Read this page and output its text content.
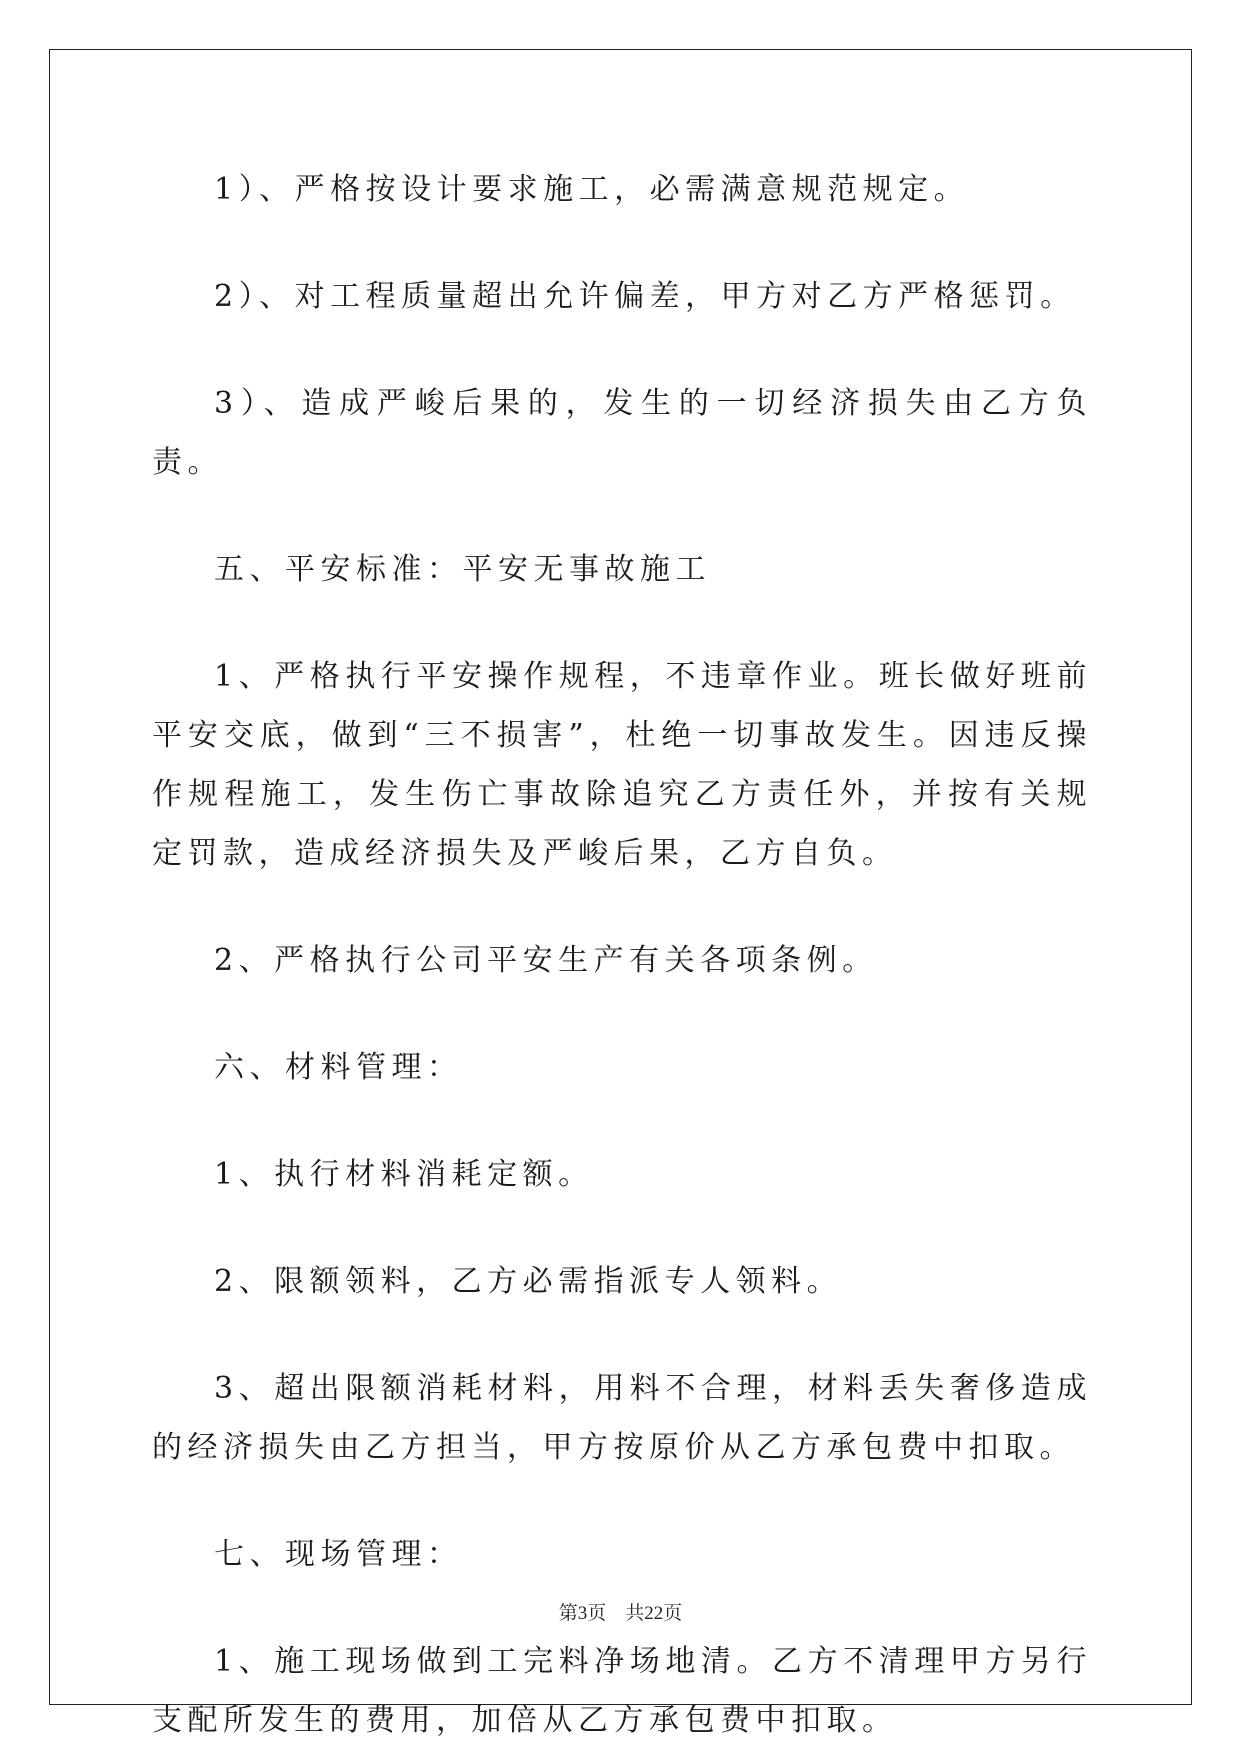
1）、严格按设计要求施工，必需满意规范规定。

2）、对工程质量超出允许偏差，甲方对乙方严格惩罚。

3）、造成严峻后果的，发生的一切经济损失由乙方负责。

五、平安标准：平安无事故施工

1、严格执行平安操作规程，不违章作业。班长做好班前平安交底，做到“三不损害”，杜绝一切事故发生。因违反操作规程施工，发生伤亡事故除追究乙方责任外，并按有关规定罚款，造成经济损失及严峻后果，乙方自负。

2、严格执行公司平安生产有关各项条例。

六、材料管理：

1、执行材料消耗定额。

2、限额领料，乙方必需指派专人领料。

3、超出限额消耗材料，用料不合理，材料丢失奢侈造成的经济损失由乙方担当，甲方按原价从乙方承包费中扣取。

七、现场管理：

1、施工现场做到工完料净场地清。乙方不清理甲方另行支配所发生的费用，加倍从乙方承包费中扣取。

第3页　共22页
